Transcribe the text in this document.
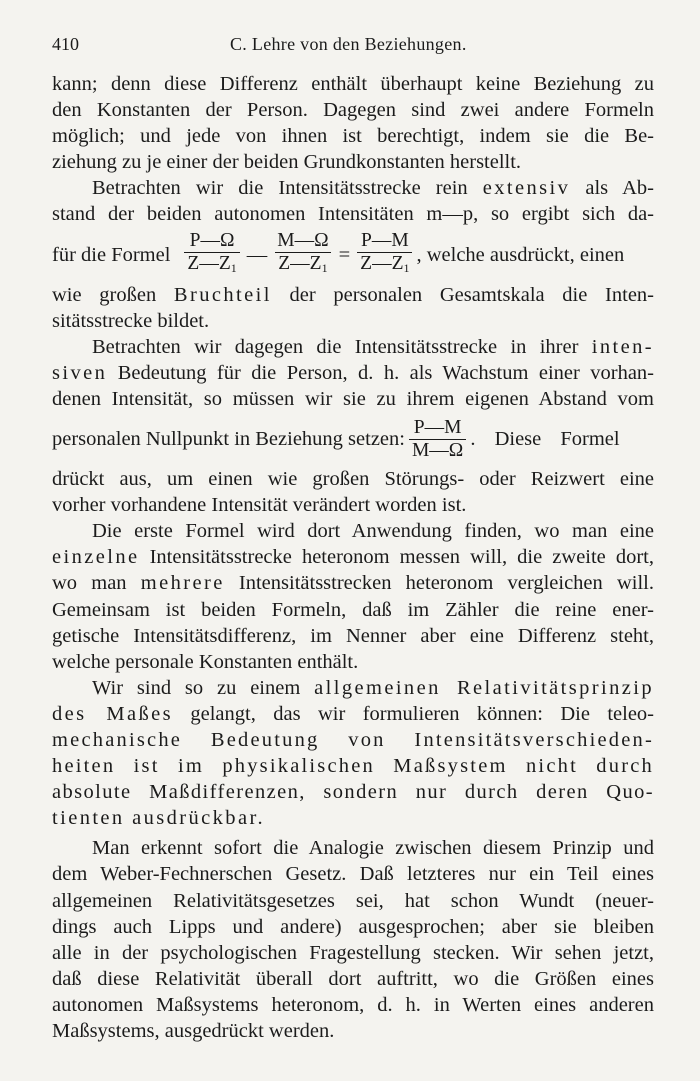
410	C. Lehre von den Beziehungen.
kann; denn diese Differenz enthält überhaupt keine Beziehung zu
den Konstanten der Person. Dagegen sind zwei andere Formeln
möglich; und jede von ihnen ist berechtigt, indem sie die Be-
ziehung zu je einer der beiden Grundkonstanten herstellt.
Betrachten wir die Intensitätsstrecke rein extensiv als Ab-
stand der beiden autonomen Intensitäten m—p, so ergibt sich da-
für die Formel $\frac{P—\Omega}{Z—Z_1}$ — $\frac{M—\Omega}{Z—Z_1} = \frac{P—M}{Z—Z_1}$ , welche ausdrückt, einen
wie großen Bruchteil der personalen Gesamtskala die Inten-
sitätsstrecke bildet.
Betrachten wir dagegen die Intensitätsstrecke in ihrer inten-
siven Bedeutung für die Person, d. h. als Wachstum einer vorhan-
denen Intensität, so müssen wir sie zu ihrem eigenen Abstand vom
personalen Nullpunkt in Beziehung setzen: $\frac{P—M}{M—\Omega}$ . Diese Formel
drückt aus, um einen wie großen Störungs- oder Reizwert eine
vorher vorhandene Intensität verändert worden ist.
Die erste Formel wird dort Anwendung finden, wo man eine
einzelne Intensitätsstrecke heteronom messen will, die zweite dort,
wo man mehrere Intensitätsstrecken heteronom vergleichen will.
Gemeinsam ist beiden Formeln, daß im Zähler die reine ener-
getische Intensitätsdifferenz, im Nenner aber eine Differenz steht,
welche personale Konstanten enthält.
Wir sind so zu einem allgemeinen Relativitätsprinzip
des Maßes gelangt, das wir formulieren können: Die teleo-
mechanische Bedeutung von Intensitätsverschieden-
heiten ist im physikalischen Maßsystem nicht durch
absolute Maßdifferenzen, sondern nur durch deren Quo-
tienten ausdrückbar.
Man erkennt sofort die Analogie zwischen diesem Prinzip und
dem Weber-Fechnerschen Gesetz. Daß letzteres nur ein Teil eines
allgemeinen Relativitätsgesetzes sei, hat schon Wundt (neuer-
dings auch Lipps und andere) ausgesprochen; aber sie bleiben
alle in der psychologischen Fragestellung stecken. Wir sehen jetzt,
daß diese Relativität überall dort auftritt, wo die Größen eines
autonomen Maßsystems heteronom, d. h. in Werten eines anderen
Maßsystems, ausgedrückt werden.
